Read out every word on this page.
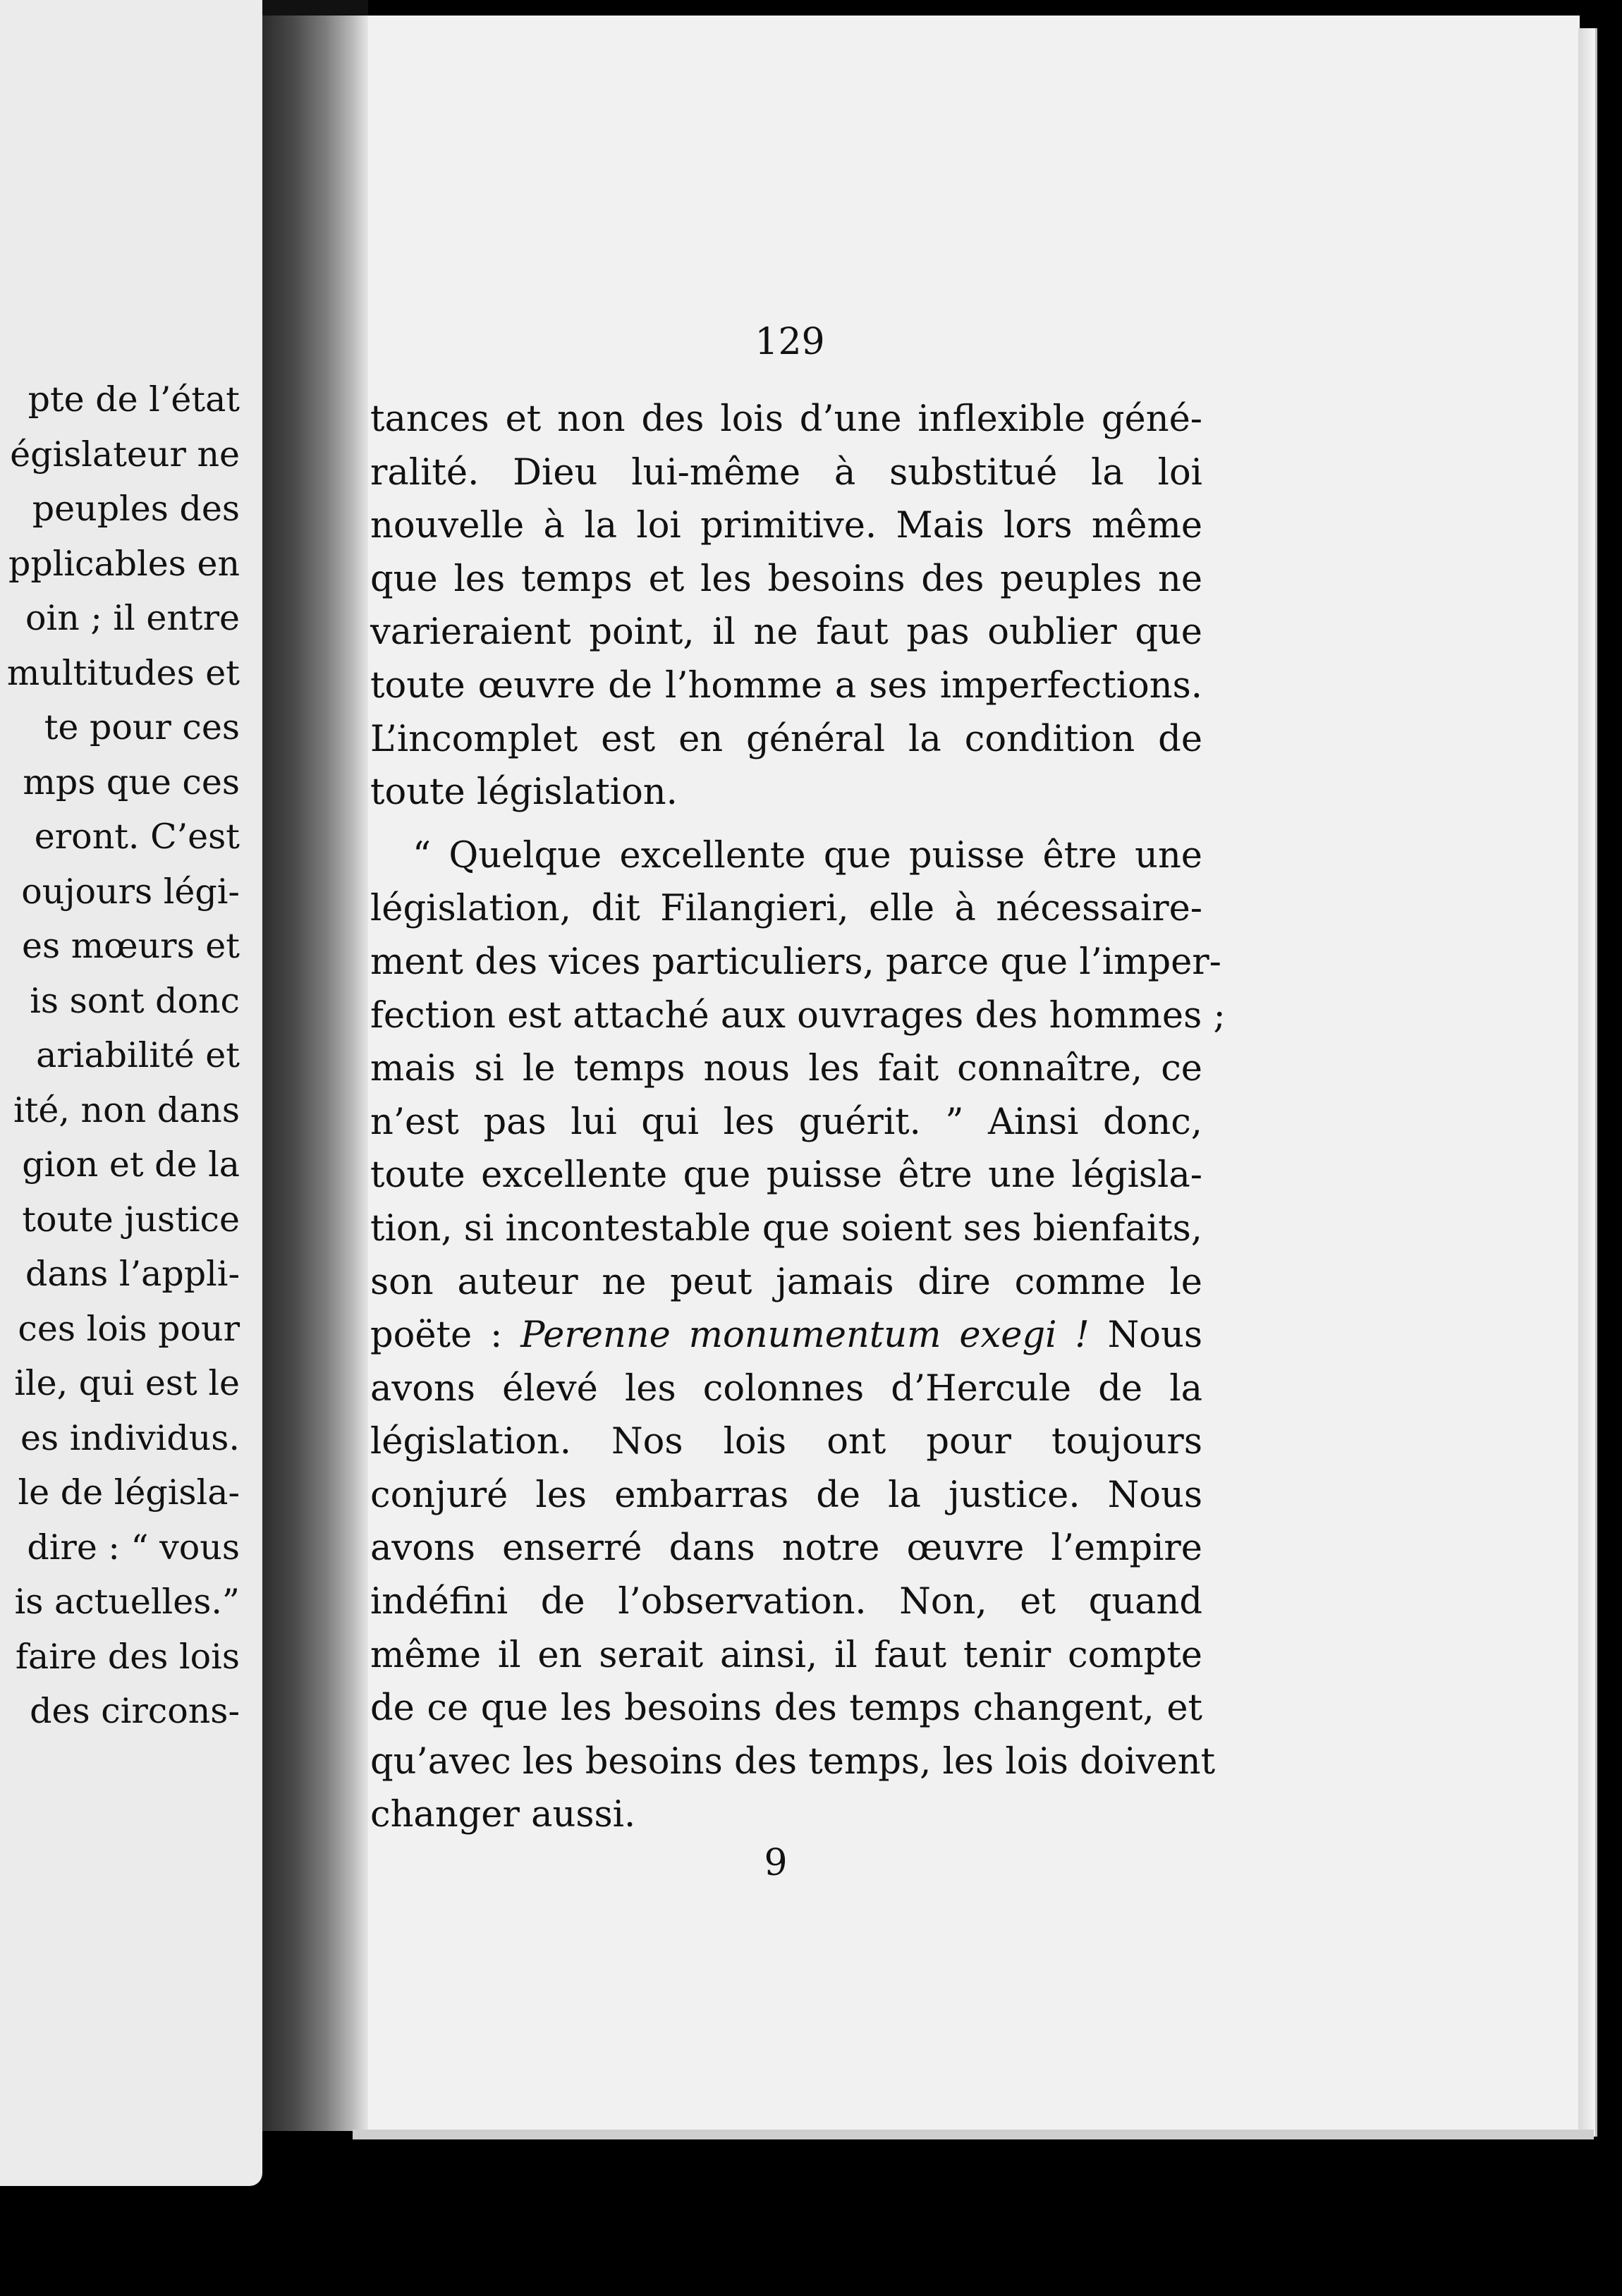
pte de l’état
égislateur ne
peuples des
pplicables en
oin ; il entre
multitudes et
te pour ces
mps que ces
eront. C’est
oujours légi-
es mœurs et
is sont donc
ariabilité et
ité, non dans
gion et de la
toute justice
dans l’appli-
ces lois pour
ile, qui est le
es individus.
le de législa-
dire : “ vous
is actuelles.”
faire des lois
des circons-
129
tances et non des lois d’une inflexible géné-
ralité. Dieu lui-même à substitué la loi
nouvelle à la loi primitive. Mais lors même
que les temps et les besoins des peuples ne
varieraient point, il ne faut pas oublier que
toute œuvre de l’homme a ses imperfections.
L’incomplet est en général la condition de
toute législation.
“ Quelque excellente que puisse être une
législation, dit Filangieri, elle à nécessaire-
ment des vices particuliers, parce que l’imper-
fection est attaché aux ouvrages des hommes ;
mais si le temps nous les fait connaître, ce
n’est pas lui qui les guérit. ” Ainsi donc,
toute excellente que puisse être une législa-
tion, si incontestable que soient ses bienfaits,
son auteur ne peut jamais dire comme le
poëte : Perenne monumentum exegi ! Nous
avons élevé les colonnes d’Hercule de la
législation. Nos lois ont pour toujours
conjuré les embarras de la justice. Nous
avons enserré dans notre œuvre l’empire
indéfini de l’observation. Non, et quand
même il en serait ainsi, il faut tenir compte
de ce que les besoins des temps changent, et
qu’avec les besoins des temps, les lois doivent
changer aussi.
9
